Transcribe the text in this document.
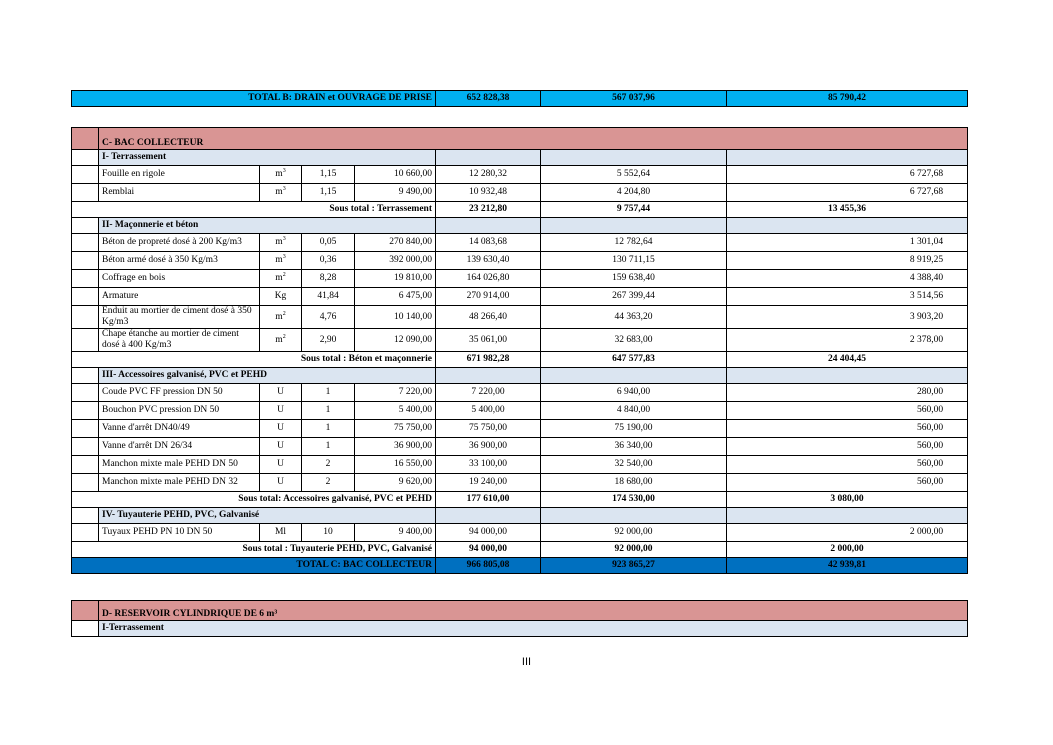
TOTAL B: DRAIN et OUVRAGE DE PRISE	652 828,38	567 037,96	85 790,42
	C- BAC COLLECTEUR						
	I- Terrassement						
	Fouille en rigole	$m^3$	1,15	10 660,00	12 280,32	5 552,64	6 727,68
	Remblai	$m^3$	1,15	9 490,00	10 932,48	4 204,80	6 727,68
Sous total : Terrassement					23 212,80	9 757,44	13 455,36
	II- Maçonnerie et béton						
	Béton de propreté dosé à 200 Kg/m3	$m^3$	0,05	270 840,00	14 083,68	12 782,64	1 301,04
	Béton armé dosé à 350 Kg/m3	$m^3$	0,36	392 000,00	139 630,40	130 711,15	8 919,25
	Coffrage en bois	$m^2$	8,28	19 810,00	164 026,80	159 638,40	4 388,40
	Armature	Kg	41,84	6 475,00	270 914,00	267 399,44	3 514,56
	Enduit au mortier de ciment dosé à 350 Kg/m3	$m^2$	4,76	10 140,00	48 266,40	44 363,20	3 903,20
	Chape étanche au mortier de ciment dosé à 400 Kg/m3	$m^2$	2,90	12 090,00	35 061,00	32 683,00	2 378,00
Sous total : Béton et maçonnerie					671 982,28	647 577,83	24 404,45
	III- Accessoires galvanisé, PVC et PEHD						
	Coude PVC FF pression DN 50	U	1	7 220,00	7 220,00	6 940,00	280,00
	Bouchon PVC pression DN 50	U	1	5 400,00	5 400,00	4 840,00	560,00
	Vanne d'arrêt DN40/49	U	1	75 750,00	75 750,00	75 190,00	560,00
	Vanne d'arrêt DN 26/34	U	1	36 900,00	36 900,00	36 340,00	560,00
	Manchon mixte male PEHD DN 50	U	2	16 550,00	33 100,00	32 540,00	560,00
	Manchon mixte male PEHD DN 32	U	2	9 620,00	19 240,00	18 680,00	560,00
Sous total: Accessoires galvanisé, PVC et PEHD					177 610,00	174 530,00	3 080,00
	IV- Tuyauterie PEHD, PVC, Galvanisé						
	Tuyaux PEHD PN 10 DN 50	Ml	10	9 400,00	94 000,00	92 000,00	2 000,00
Sous total : Tuyauterie PEHD, PVC, Galvanisé					94 000,00	92 000,00	2 000,00
TOTAL C: BAC COLLECTEUR					966 805,08	923 865,27	42 939,81
	D- RESERVOIR CYLINDRIQUE DE 6 m³
	I-Terrassement
III
